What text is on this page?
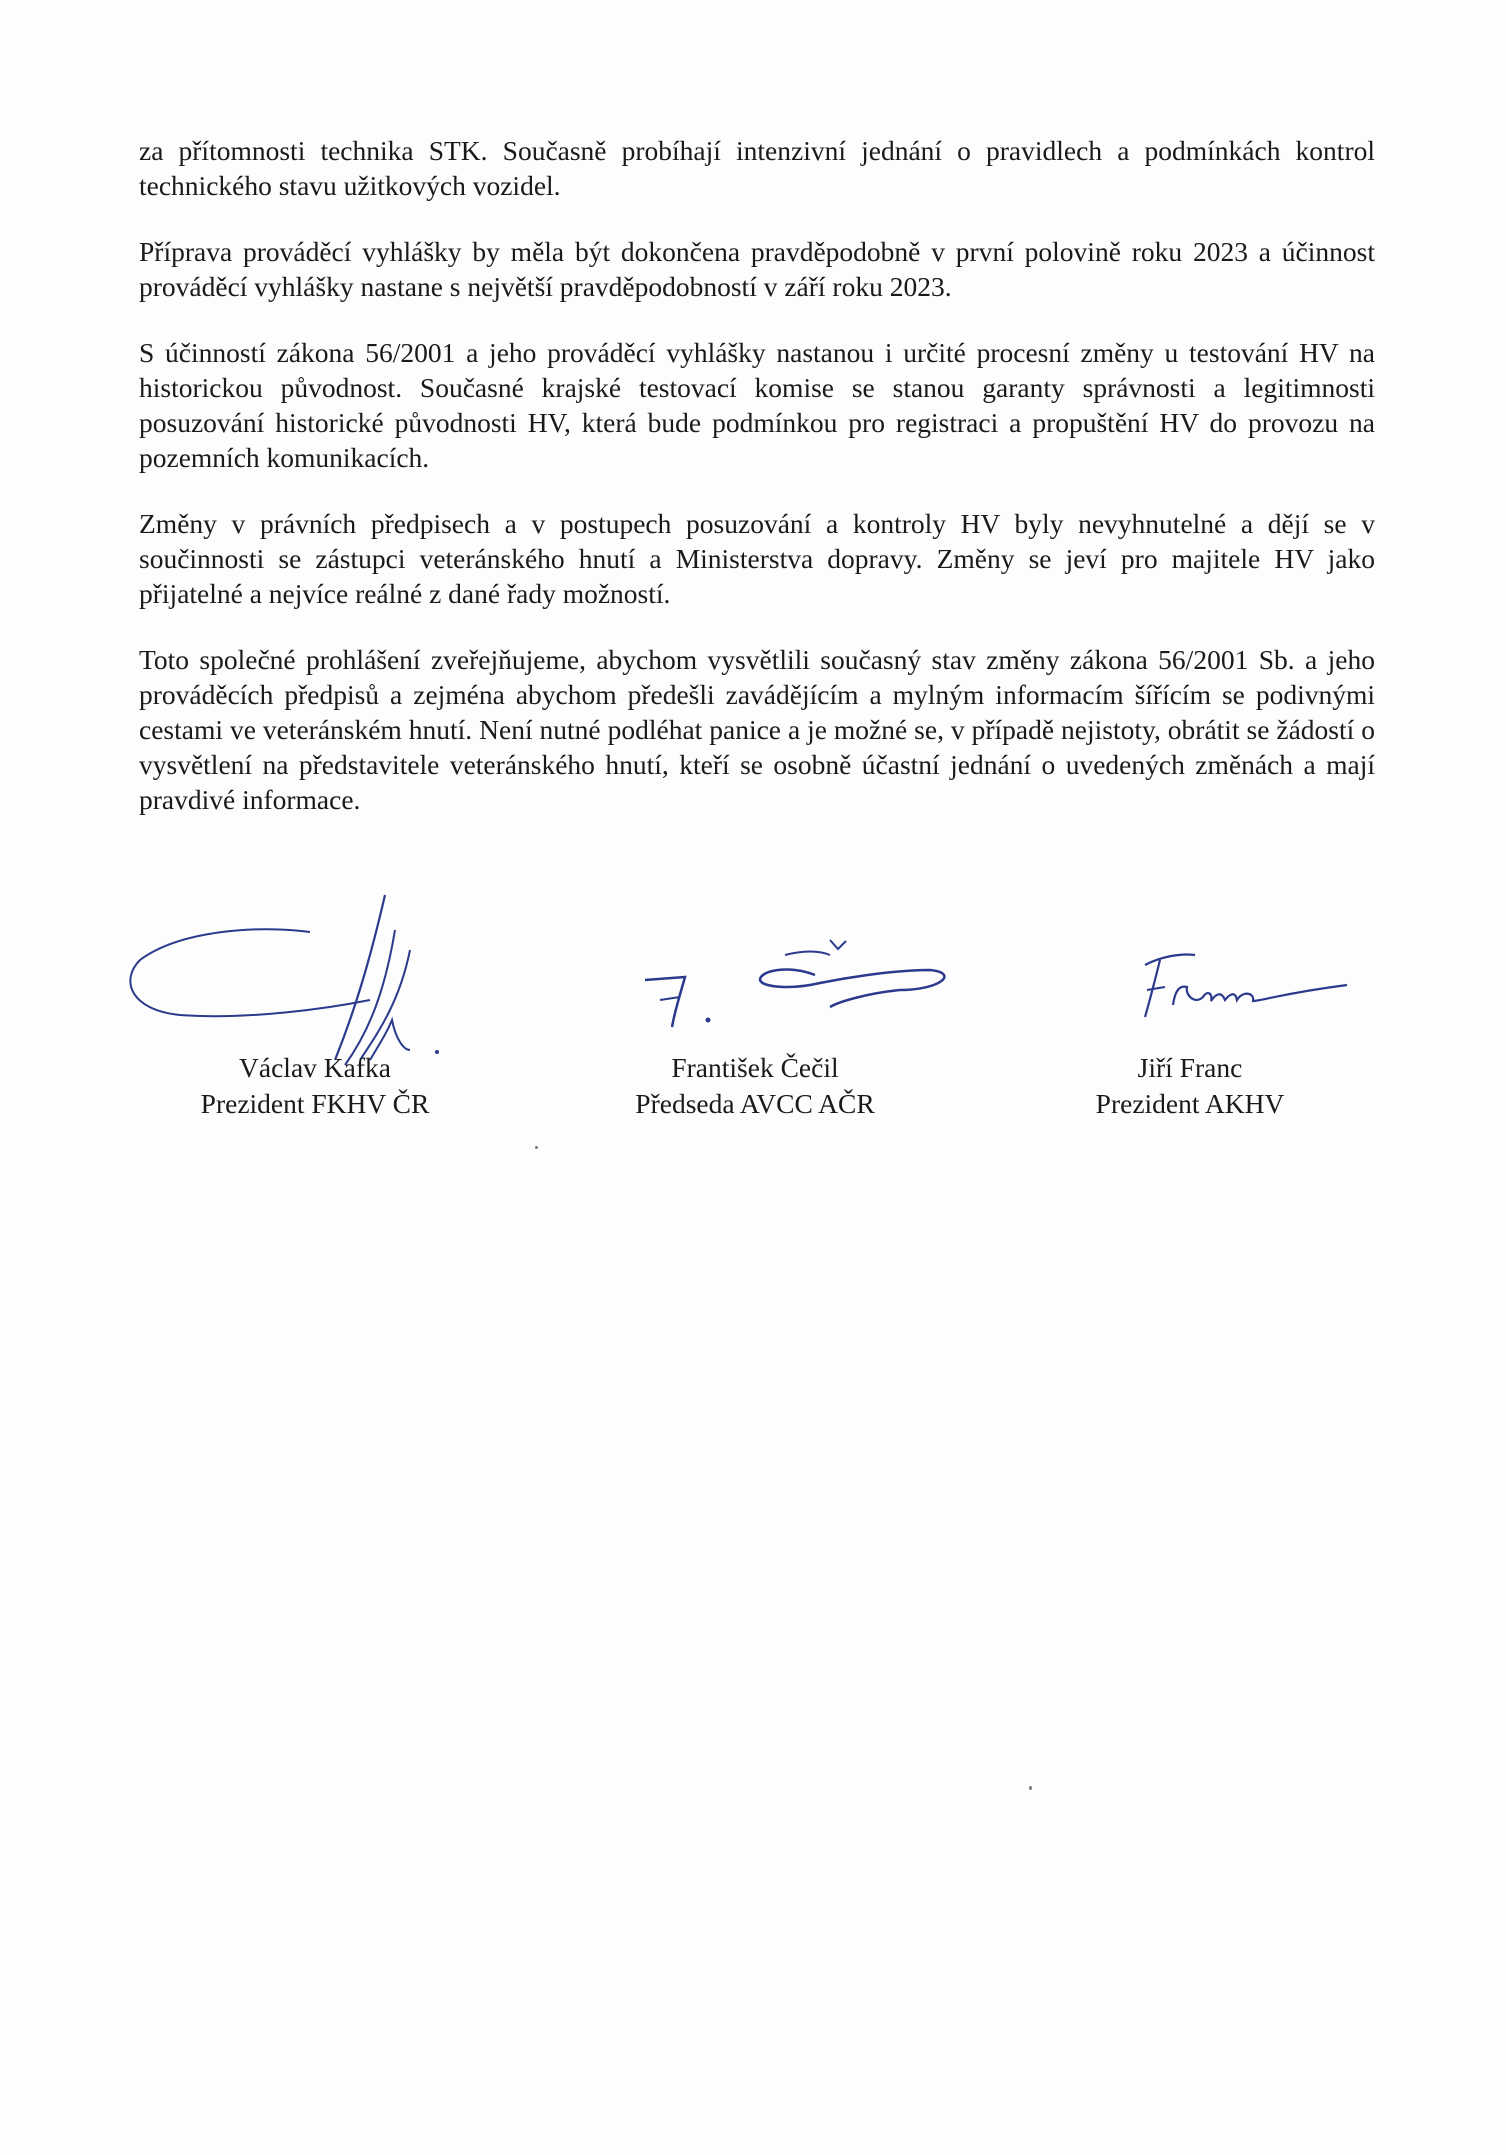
za přítomnosti technika STK. Současně probíhají intenzivní jednání o pravidlech a podmínkách kontrol technického stavu užitkových vozidel.

Příprava prováděcí vyhlášky by měla být dokončena pravděpodobně v první polovině roku 2023 a účinnost prováděcí vyhlášky nastane s největší pravděpodobností v září roku 2023.

S účinností zákona 56/2001 a jeho prováděcí vyhlášky nastanou i určité procesní změny u testování HV na historickou původnost. Současné krajské testovací komise se stanou garanty správnosti a legitimnosti posuzování historické původnosti HV, která bude podmínkou pro registraci a propuštění HV do provozu na pozemních komunikacích.

Změny v právních předpisech a v postupech posuzování a kontroly HV byly nevyhnutelné a dějí se v součinnosti se zástupci veteránského hnutí a Ministerstva dopravy. Změny se jeví pro majitele HV jako přijatelné a nejvíce reálné z dané řady možností.

Toto společné prohlášení zveřejňujeme, abychom vysvětlili současný stav změny zákona 56/2001 Sb. a jeho prováděcích předpisů a zejména abychom předešli zavádějícím a mylným informacím šířícím se podivnými cestami ve veteránském hnutí. Není nutné podléhat panice a je možné se, v případě nejistoty, obrátit se žádostí o vysvětlení na představitele veteránského hnutí, kteří se osobně účastní jednání o uvedených změnách a mají pravdivé informace.

Václav Kafka
Prezident FKHV ČR
František Čečil
Předseda AVCC AČR
Jiří Franc
Prezident AKHV
